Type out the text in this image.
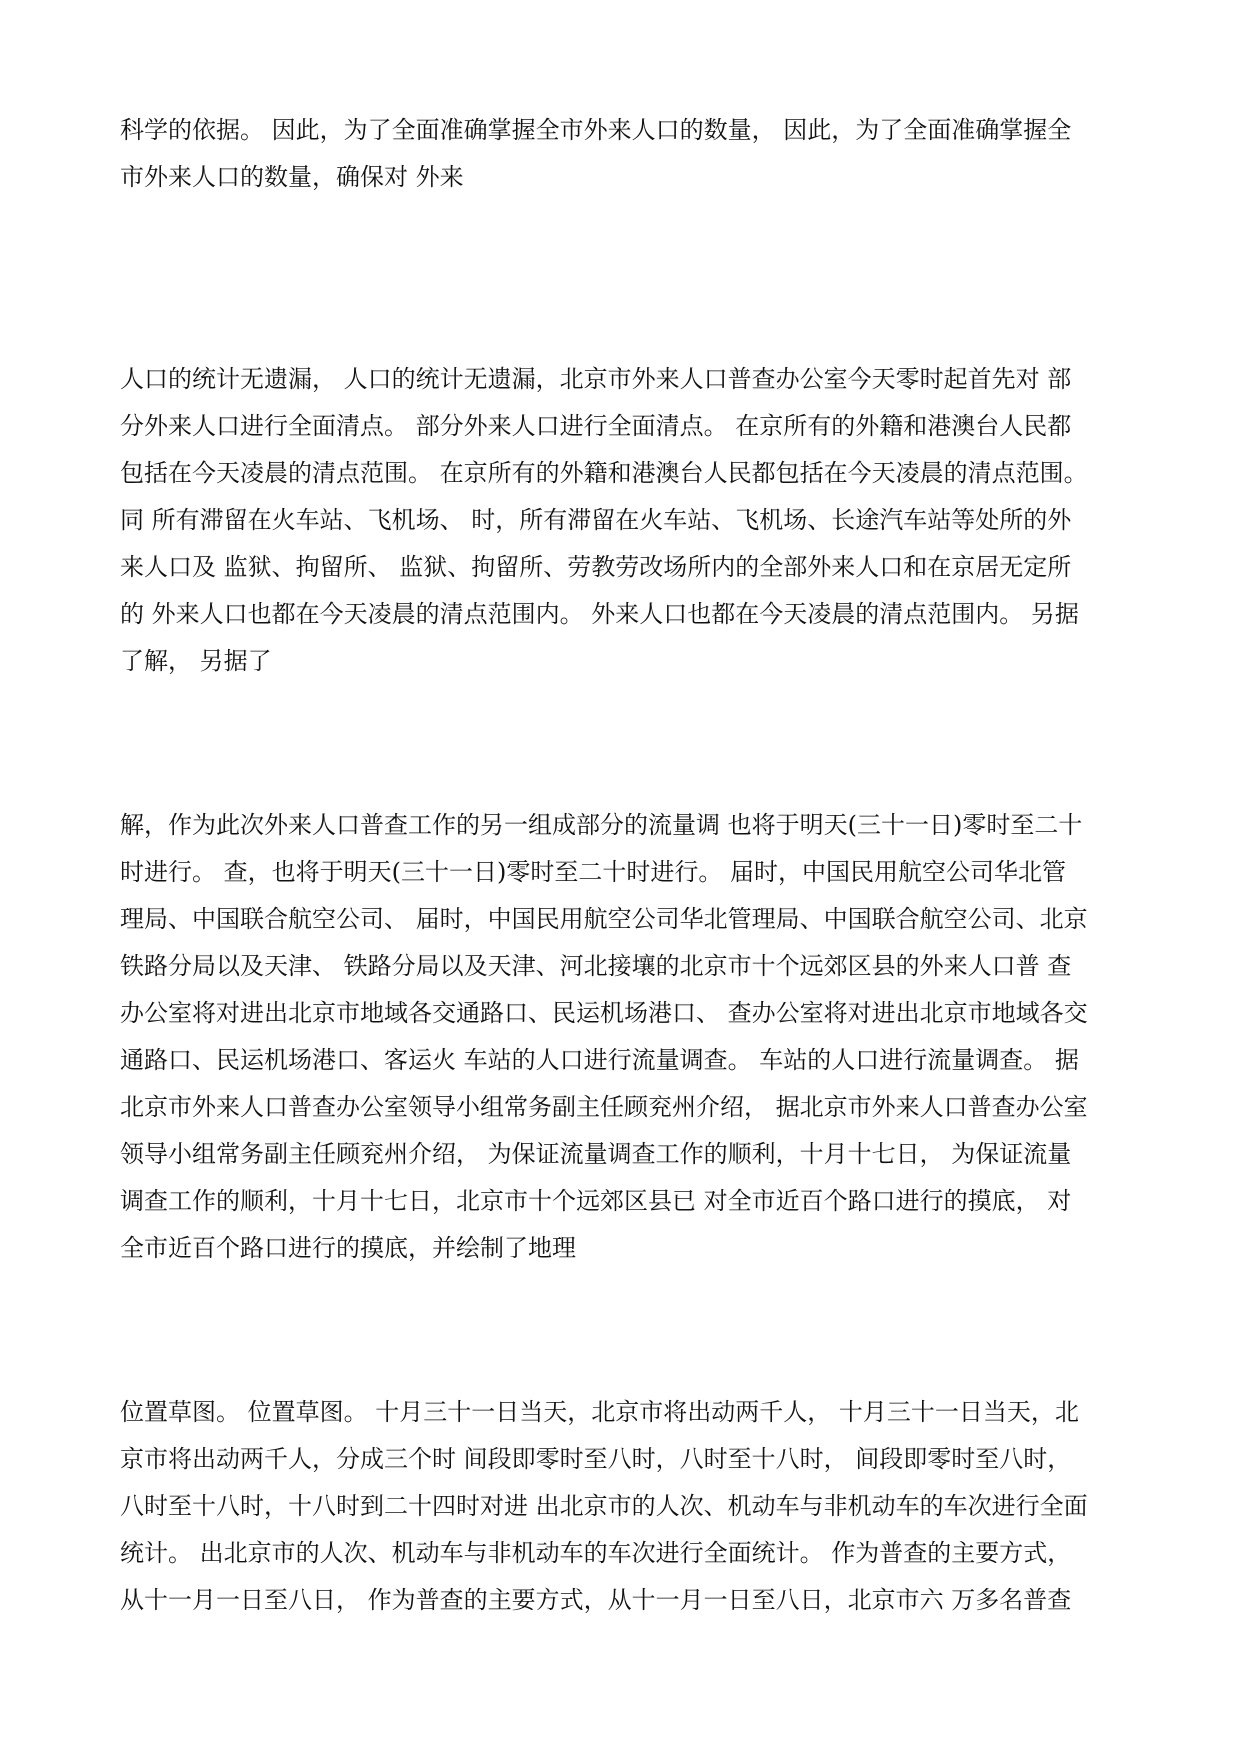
科学的依据。 因此，为了全面准确掌握全市外来人口的数量， 因此，为了全面准确掌握全
市外来人口的数量，确保对 外来
人口的统计无遗漏， 人口的统计无遗漏，北京市外来人口普查办公室今天零时起首先对 部
分外来人口进行全面清点。 部分外来人口进行全面清点。 在京所有的外籍和港澳台人民都
包括在今天凌晨的清点范围。 在京所有的外籍和港澳台人民都包括在今天凌晨的清点范围。
同 所有滞留在火车站、飞机场、 时，所有滞留在火车站、飞机场、长途汽车站等处所的外
来人口及 监狱、拘留所、 监狱、拘留所、劳教劳改场所内的全部外来人口和在京居无定所
的 外来人口也都在今天凌晨的清点范围内。 外来人口也都在今天凌晨的清点范围内。 另据
了解， 另据了
解，作为此次外来人口普查工作的另一组成部分的流量调 也将于明天(三十一日)零时至二十
时进行。 查，也将于明天(三十一日)零时至二十时进行。 届时，中国民用航空公司华北管
理局、中国联合航空公司、 届时，中国民用航空公司华北管理局、中国联合航空公司、北京
铁路分局以及天津、 铁路分局以及天津、河北接壤的北京市十个远郊区县的外来人口普 查
办公室将对进出北京市地域各交通路口、民运机场港口、 查办公室将对进出北京市地域各交
通路口、民运机场港口、客运火 车站的人口进行流量调查。 车站的人口进行流量调查。 据
北京市外来人口普查办公室领导小组常务副主任顾兖州介绍， 据北京市外来人口普查办公室
领导小组常务副主任顾兖州介绍， 为保证流量调查工作的顺利，十月十七日， 为保证流量
调查工作的顺利，十月十七日，北京市十个远郊区县已 对全市近百个路口进行的摸底， 对
全市近百个路口进行的摸底，并绘制了地理
位置草图。 位置草图。 十月三十一日当天，北京市将出动两千人， 十月三十一日当天，北
京市将出动两千人，分成三个时 间段即零时至八时，八时至十八时， 间段即零时至八时，
八时至十八时，十八时到二十四时对进 出北京市的人次、机动车与非机动车的车次进行全面
统计。 出北京市的人次、机动车与非机动车的车次进行全面统计。 作为普查的主要方式，
从十一月一日至八日， 作为普查的主要方式，从十一月一日至八日，北京市六 万多名普查
